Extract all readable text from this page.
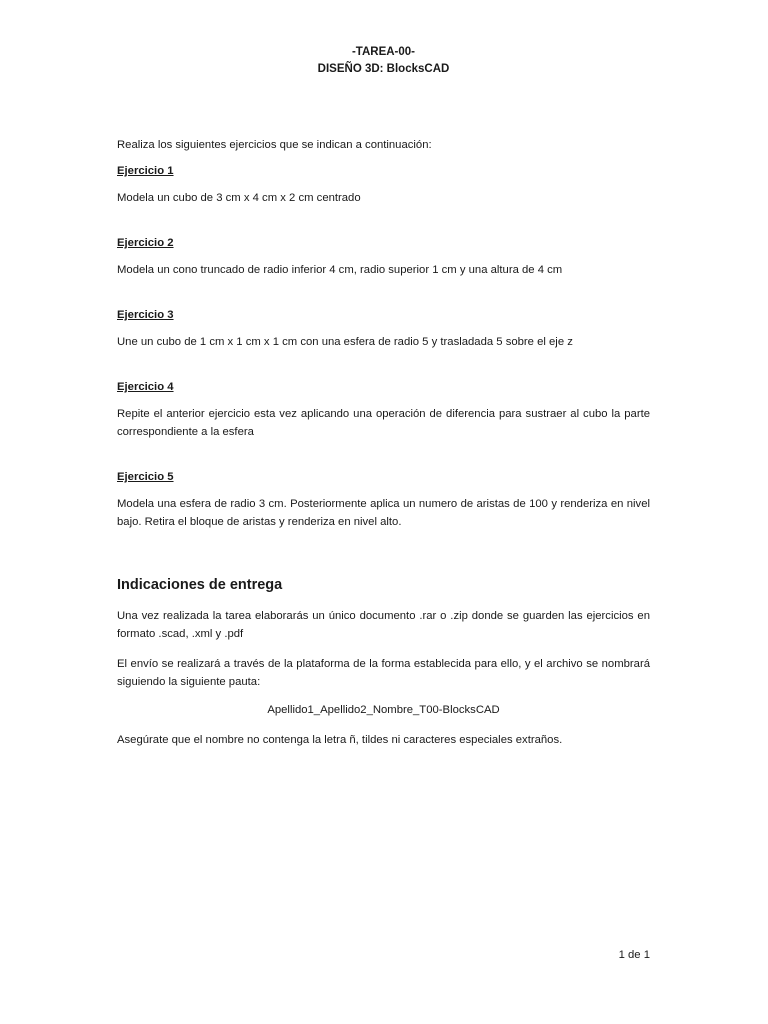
-TAREA-00-
DISEÑO 3D: BlocksCAD

Realiza los siguientes ejercicios que se indican a continuación:

Ejercicio 1

Modela un cubo de 3 cm x 4 cm x 2 cm centrado

Ejercicio 2

Modela un cono truncado de radio inferior 4 cm, radio superior 1 cm y una altura de 4 cm

Ejercicio 3

Une un cubo de 1 cm x 1 cm x 1 cm con una esfera de radio 5 y trasladada 5 sobre el eje z

Ejercicio 4

Repite el anterior ejercicio esta vez aplicando una operación de diferencia para sustraer al cubo la parte correspondiente a la esfera

Ejercicio 5

Modela una esfera de radio 3 cm. Posteriormente aplica un numero de aristas de 100 y renderiza en nivel bajo. Retira el bloque de aristas y renderiza en nivel alto.

Indicaciones de entrega

Una vez realizada la tarea elaborarás un único documento .rar o .zip donde se guarden las ejercicios en formato .scad, .xml y .pdf

El envío se realizará a través de la plataforma de la forma establecida para ello, y el archivo se nombrará siguiendo la siguiente pauta:

Apellido1_Apellido2_Nombre_T00-BlocksCAD

Asegúrate que el nombre no contenga la letra ñ, tildes ni caracteres especiales extraños.

1 de 1
